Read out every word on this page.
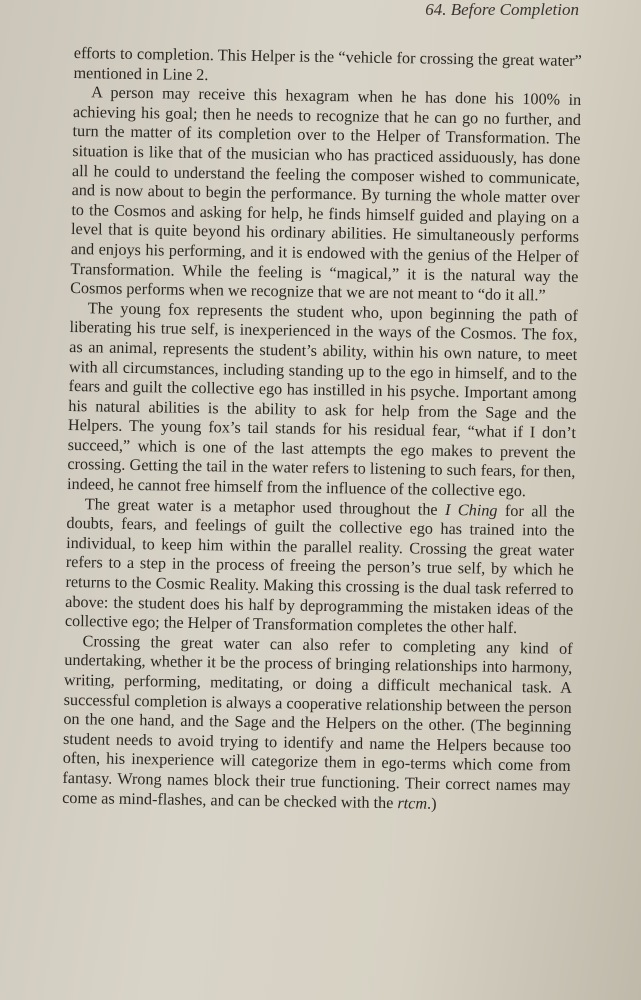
64. Before Completion

efforts to completion. This Helper is the “vehicle for crossing the great water” mentioned in Line 2.

A person may receive this hexagram when he has done his 100% in achieving his goal; then he needs to recognize that he can go no further, and turn the matter of its completion over to the Helper of Transformation. The situation is like that of the musician who has practiced assiduously, has done all he could to understand the feeling the composer wished to communicate, and is now about to begin the performance. By turning the whole matter over to the Cosmos and asking for help, he finds himself guided and playing on a level that is quite beyond his ordinary abilities. He simultaneously performs and enjoys his performing, and it is endowed with the genius of the Helper of Transformation. While the feeling is “magical,” it is the natural way the Cosmos performs when we recognize that we are not meant to “do it all.”

The young fox represents the student who, upon beginning the path of liberating his true self, is inexperienced in the ways of the Cosmos. The fox, as an animal, represents the student’s ability, within his own nature, to meet with all circumstances, including standing up to the ego in himself, and to the fears and guilt the collective ego has instilled in his psyche. Important among his natural abilities is the ability to ask for help from the Sage and the Helpers. The young fox’s tail stands for his residual fear, “what if I don’t succeed,” which is one of the last attempts the ego makes to prevent the crossing. Getting the tail in the water refers to listening to such fears, for then, indeed, he cannot free himself from the influence of the collective ego.

The great water is a metaphor used throughout the I Ching for all the doubts, fears, and feelings of guilt the collective ego has trained into the individual, to keep him within the parallel reality. Crossing the great water refers to a step in the process of freeing the person’s true self, by which he returns to the Cosmic Reality. Making this crossing is the dual task referred to above: the student does his half by deprogramming the mistaken ideas of the collective ego; the Helper of Transformation completes the other half.

Crossing the great water can also refer to completing any kind of undertaking, whether it be the process of bringing relationships into harmony, writing, performing, meditating, or doing a difficult mechanical task. A successful completion is always a cooperative relationship between the person on the one hand, and the Sage and the Helpers on the other. (The beginning student needs to avoid trying to identify and name the Helpers because too often, his inexperience will categorize them in ego-terms which come from fantasy. Wrong names block their true functioning. Their correct names may come as mind-flashes, and can be checked with the rtcm.)
